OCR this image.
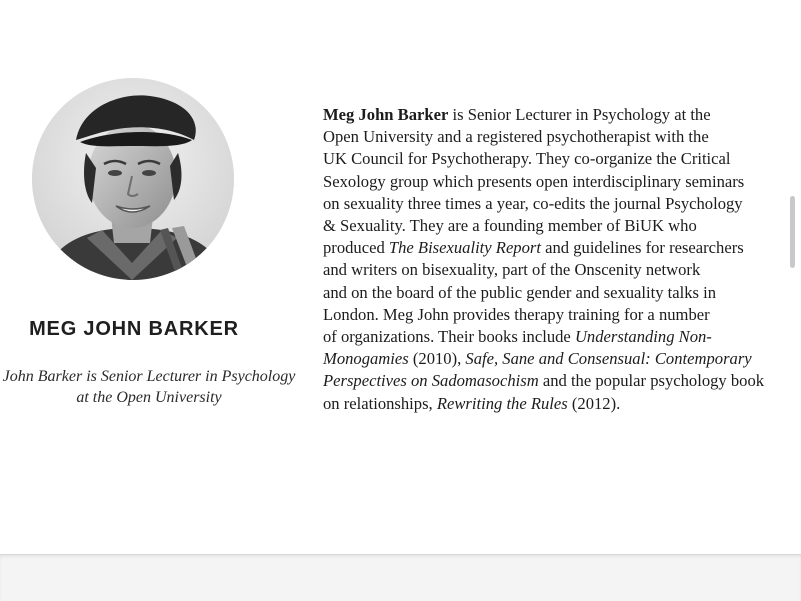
MEG JOHN BARKER
John Barker is Senior Lecturer in Psychology
at the Open University
Meg John Barker is Senior Lecturer in Psychology at the
Open University and a registered psychotherapist with the
UK Council for Psychotherapy. They co-organize the Critical
Sexology group which presents open interdisciplinary seminars
on sexuality three times a year, co-edits the journal Psychology
& Sexuality. They are a founding member of BiUK who
produced The Bisexuality Report and guidelines for researchers
and writers on bisexuality, part of the Onscenity network
and on the board of the public gender and sexuality talks in
London. Meg John provides therapy training for a number
of organizations. Their books include Understanding Non-
Monogamies (2010), Safe, Sane and Consensual: Contemporary
Perspectives on Sadomasochism and the popular psychology book
on relationships, Rewriting the Rules (2012).
